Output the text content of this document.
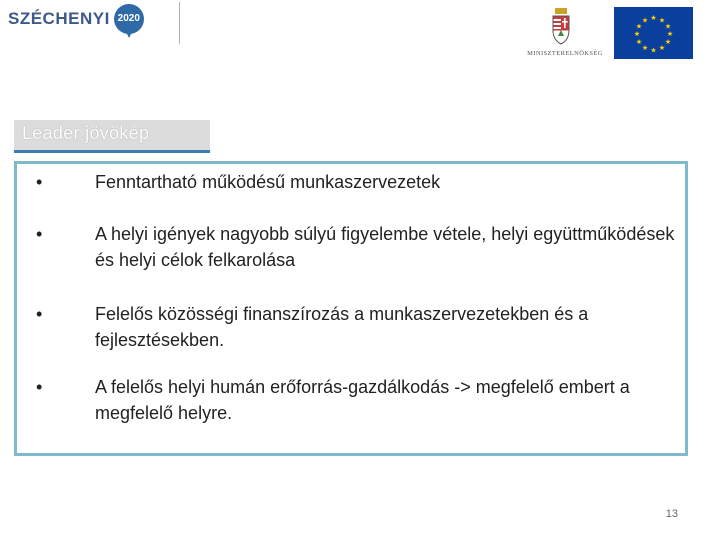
SZÉCHENYI 2020
MINISZTERELNÖKSÉG
★ ★
★
★
★
★
★
★
★
★
★
★
Leader jövőkép
•	Fenntartható működésű munkaszervezetek
•	A helyi igények nagyobb súlyú figyelembe vétele, helyi együttműködések és helyi célok felkarolása
•	Felelős közösségi finanszírozás a munkaszervezetekben és a fejlesztésekben.
•	A felelős helyi humán erőforrás-gazdálkodás -> megfelelő embert a megfelelő helyre.
13
